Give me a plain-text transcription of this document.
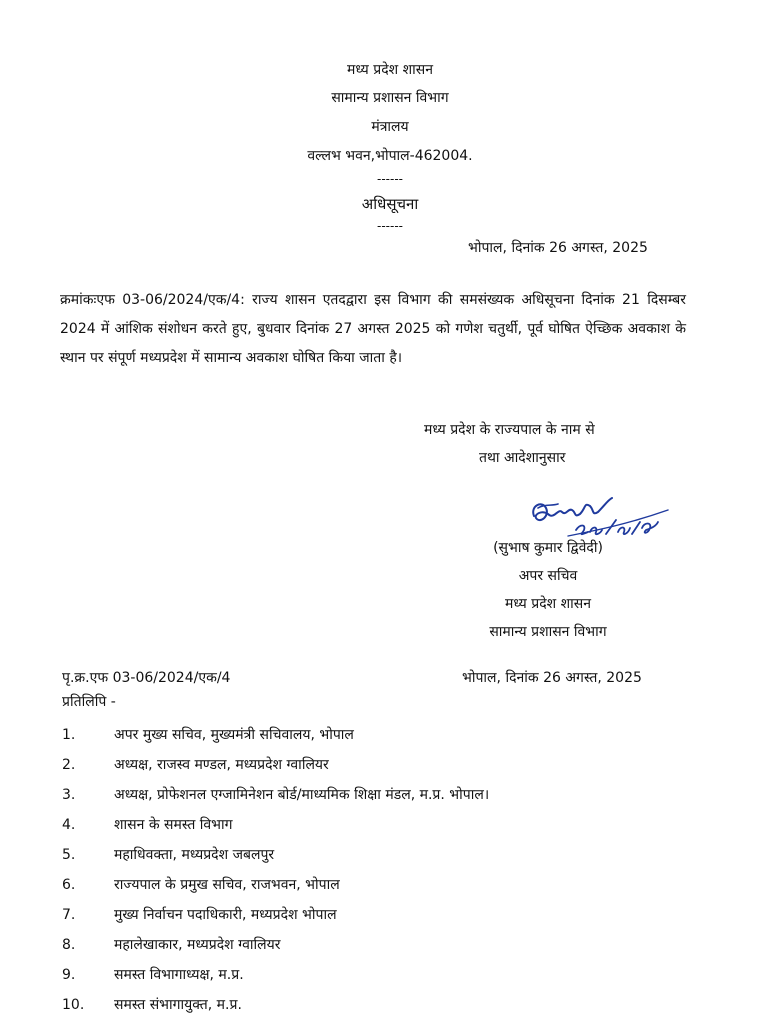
मध्य प्रदेश शासन
सामान्य प्रशासन विभाग
मंत्रालय
वल्लभ भवन,भोपाल-462004.
------
अधिसूचना
------
भोपाल, दिनांक 26 अगस्त, 2025
क्रमांकःएफ 03-06/2024/एक/4: राज्य शासन एतदद्वारा इस विभाग की समसंख्यक अधिसूचना दिनांक 21 दिसम्बर 2024 में आंशिक संशोधन करते हुए, बुधवार दिनांक 27 अगस्त 2025 को गणेश चतुर्थी, पूर्व घोषित ऐच्छिक अवकाश के स्थान पर संपूर्ण मध्यप्रदेश में सामान्य अवकाश घोषित किया जाता है।
मध्य प्रदेश के राज्यपाल के नाम से
तथा आदेशानुसार
(सुभाष कुमार द्विवेदी)
अपर सचिव
मध्य प्रदेश शासन
सामान्य प्रशासन विभाग
पृ.क्र.एफ 03-06/2024/एक/4	भोपाल, दिनांक 26 अगस्त, 2025
प्रतिलिपि -
1.	अपर मुख्य सचिव, मुख्यमंत्री सचिवालय, भोपाल
2.	अध्यक्ष, राजस्व मण्डल, मध्यप्रदेश ग्वालियर
3.	अध्यक्ष, प्रोफेशनल एग्जामिनेशन बोर्ड/माध्यमिक शिक्षा मंडल, म.प्र. भोपाल।
4.	शासन के समस्त विभाग
5.	महाधिवक्ता, मध्यप्रदेश जबलपुर
6.	राज्यपाल के प्रमुख सचिव, राजभवन, भोपाल
7.	मुख्य निर्वाचन पदाधिकारी, मध्यप्रदेश भोपाल
8.	महालेखाकार, मध्यप्रदेश ग्वालियर
9.	समस्त विभागाध्यक्ष, म.प्र.
10. समस्त संभागायुक्त, म.प्र.
